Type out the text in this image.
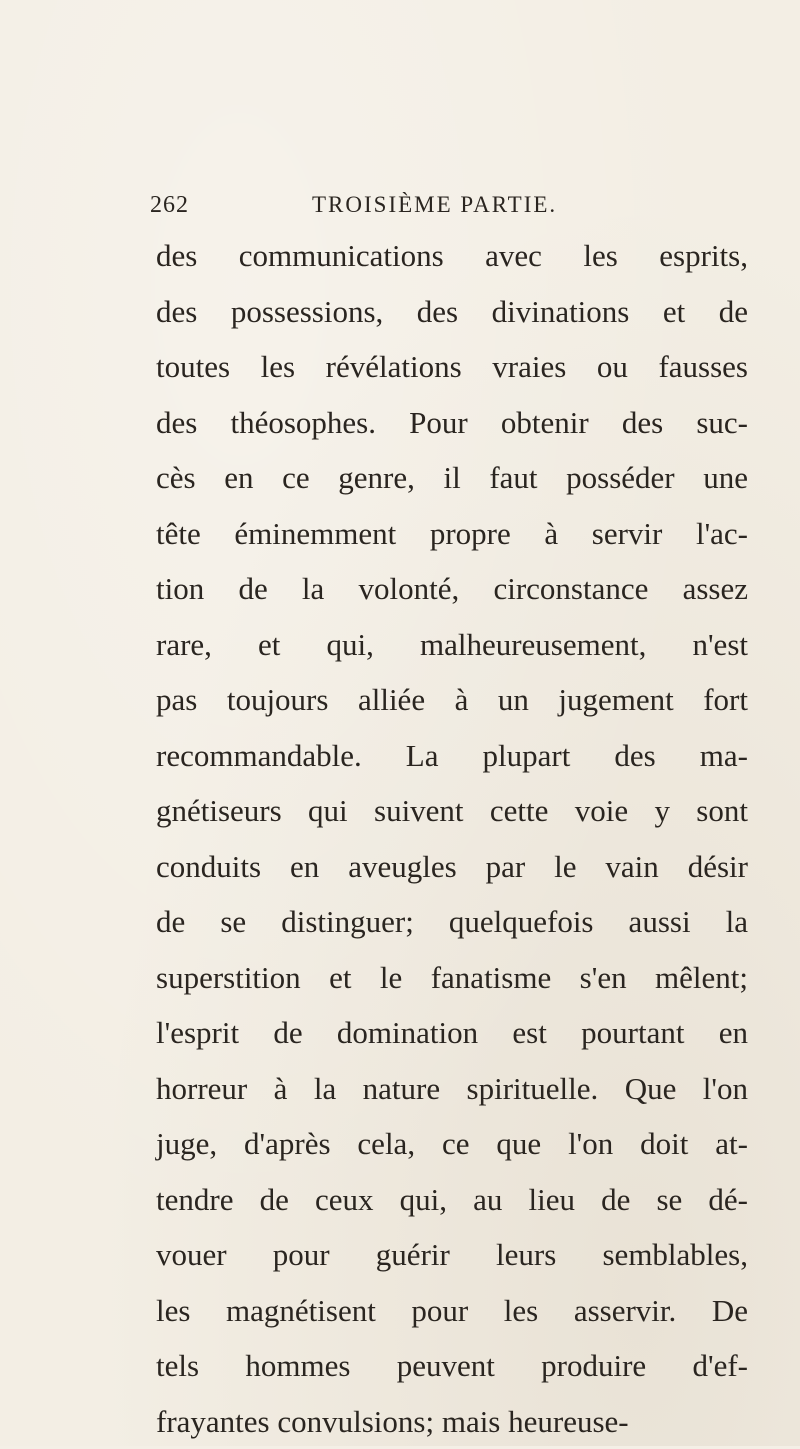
262	TROISIÈME PARTIE.
des communications avec les esprits,
des possessions, des divinations et de
toutes les révélations vraies ou fausses
des théosophes. Pour obtenir des suc-
cès en ce genre, il faut posséder une
tête éminemment propre à servir l'ac-
tion de la volonté, circonstance assez
rare, et qui, malheureusement, n'est
pas toujours alliée à un jugement fort
recommandable. La plupart des ma-
gnétiseurs qui suivent cette voie y sont
conduits en aveugles par le vain désir
de se distinguer; quelquefois aussi la
superstition et le fanatisme s'en mêlent;
l'esprit de domination est pourtant en
horreur à la nature spirituelle. Que l'on
juge, d'après cela, ce que l'on doit at-
tendre de ceux qui, au lieu de se dé-
vouer pour guérir leurs semblables,
les magnétisent pour les asservir. De
tels hommes peuvent produire d'ef-
frayantes convulsions; mais heureuse-
